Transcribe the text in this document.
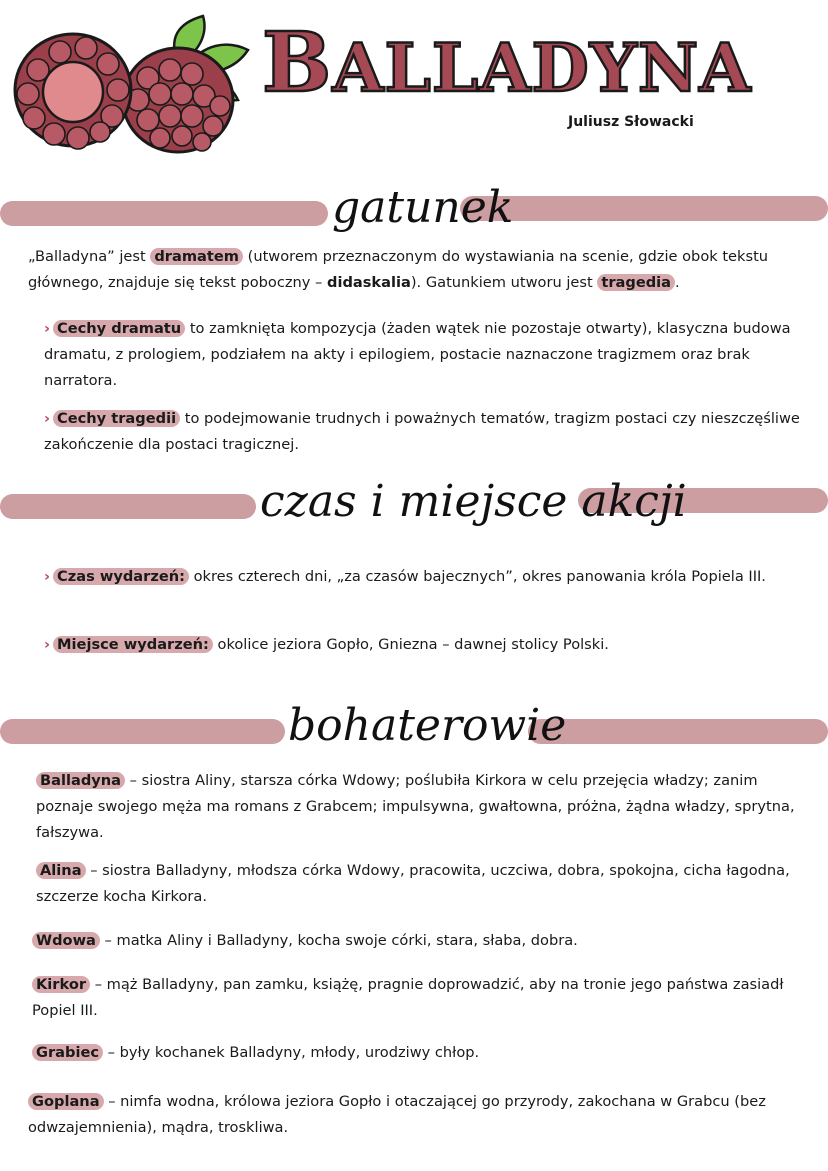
BALLADYNA
Juliusz Słowacki
gatunek
„Balladyna” jest dramatem (utworem przeznaczonym do wystawiania na scenie, gdzie obok tekstu głównego, znajduje się tekst poboczny – didaskalia). Gatunkiem utworu jest tragedia .
› Cechy dramatu to zamknięta kompozycja (żaden wątek nie pozostaje otwarty), klasyczna budowa dramatu, z prologiem, podziałem na akty i epilogiem, postacie naznaczone tragizmem oraz brak narratora.
› Cechy tragedii to podejmowanie trudnych i poważnych tematów, tragizm postaci czy nieszczęśliwe zakończenie dla postaci tragicznej.
czas i miejsce akcji
› Czas wydarzeń: okres czterech dni, „za czasów bajecznych”, okres panowania króla Popiela III.
› Miejsce wydarzeń: okolice jeziora Gopło, Gniezna – dawnej stolicy Polski.
bohaterowie
Balladyna – siostra Aliny, starsza córka Wdowy; poślubiła Kirkora w celu przejęcia władzy; zanim poznaje swojego męża ma romans z Grabcem; impulsywna, gwałtowna, próżna, żądna władzy, sprytna, fałszywa.
Alina – siostra Balladyny, młodsza córka Wdowy, pracowita, uczciwa, dobra, spokojna, cicha łagodna, szczerze kocha Kirkora.
Wdowa – matka Aliny i Balladyny, kocha swoje córki, stara, słaba, dobra.
Kirkor – mąż Balladyny, pan zamku, książę, pragnie doprowadzić, aby na tronie jego państwa zasiadł Popiel III.
Grabiec – były kochanek Balladyny, młody, urodziwy chłop.
Goplana – nimfa wodna, królowa jeziora Gopło i otaczającej go przyrody, zakochana w Grabcu (bez odwzajemnienia), mądra, troskliwa.
